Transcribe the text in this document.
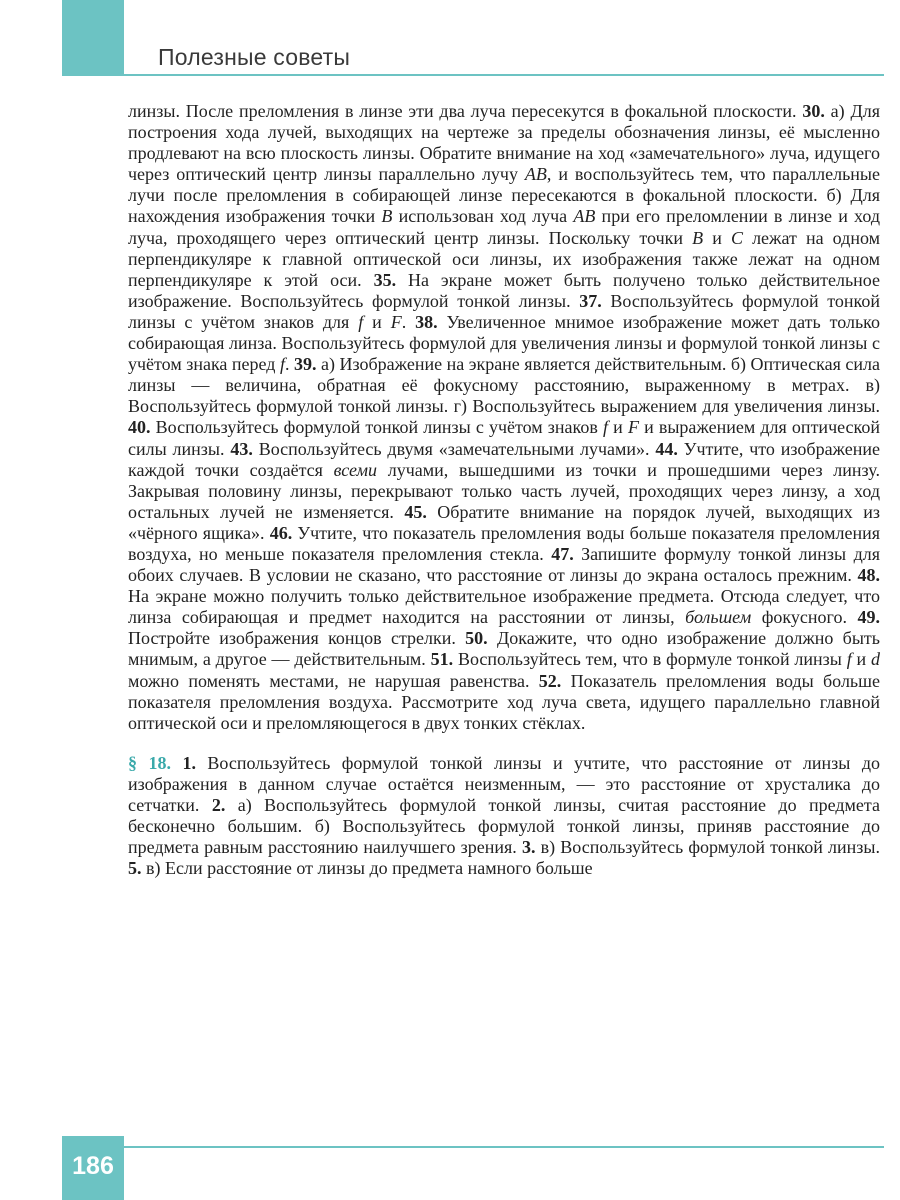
Полезные советы

линзы. После преломления в линзе эти два луча пересекутся в фокальной плоскости. 30. а) Для построения хода лучей, выходящих на чертеже за пределы обозначения линзы, её мысленно продлевают на всю плоскость линзы. Обратите внимание на ход «замечательного» луча, идущего через оптический центр линзы параллельно лучу AB, и воспользуйтесь тем, что параллельные лучи после преломления в собирающей линзе пересекаются в фокальной плоскости. б) Для нахождения изображения точки B использован ход луча AB при его преломлении в линзе и ход луча, проходящего через оптический центр линзы. Поскольку точки B и C лежат на одном перпендикуляре к главной оптической оси линзы, их изображения также лежат на одном перпендикуляре к этой оси. 35. На экране может быть получено только действительное изображение. Воспользуйтесь формулой тонкой линзы. 37. Воспользуйтесь формулой тонкой линзы с учётом знаков для f и F. 38. Увеличенное мнимое изображение может дать только собирающая линза. Воспользуйтесь формулой для увеличения линзы и формулой тонкой линзы с учётом знака перед f. 39. а) Изображение на экране является действительным. б) Оптическая сила линзы — величина, обратная её фокусному расстоянию, выраженному в метрах. в) Воспользуйтесь формулой тонкой линзы. г) Воспользуйтесь выражением для увеличения линзы. 40. Воспользуйтесь формулой тонкой линзы с учётом знаков f и F и выражением для оптической силы линзы. 43. Воспользуйтесь двумя «замечательными лучами». 44. Учтите, что изображение каждой точки создаётся всеми лучами, вышедшими из точки и прошедшими через линзу. Закрывая половину линзы, перекрывают только часть лучей, проходящих через линзу, а ход остальных лучей не изменяется. 45. Обратите внимание на порядок лучей, выходящих из «чёрного ящика». 46. Учтите, что показатель преломления воды больше показателя преломления воздуха, но меньше показателя преломления стекла. 47. Запишите формулу тонкой линзы для обоих случаев. В условии не сказано, что расстояние от линзы до экрана осталось прежним. 48. На экране можно получить только действительное изображение предмета. Отсюда следует, что линза собирающая и предмет находится на расстоянии от линзы, большем фокусного. 49. Постройте изображения концов стрелки. 50. Докажите, что одно изображение должно быть мнимым, а другое — действительным. 51. Воспользуйтесь тем, что в формуле тонкой линзы f и d можно поменять местами, не нарушая равенства. 52. Показатель преломления воды больше показателя преломления воздуха. Рассмотрите ход луча света, идущего параллельно главной оптической оси и преломляющегося в двух тонких стёклах.

§ 18. 1. Воспользуйтесь формулой тонкой линзы и учтите, что расстояние от линзы до изображения в данном случае остаётся неизменным, — это расстояние от хрусталика до сетчатки. 2. а) Воспользуйтесь формулой тонкой линзы, считая расстояние до предмета бесконечно большим. б) Воспользуйтесь формулой тонкой линзы, приняв расстояние до предмета равным расстоянию наилучшего зрения. 3. в) Воспользуйтесь формулой тонкой линзы. 5. в) Если расстояние от линзы до предмета намного больше

186
